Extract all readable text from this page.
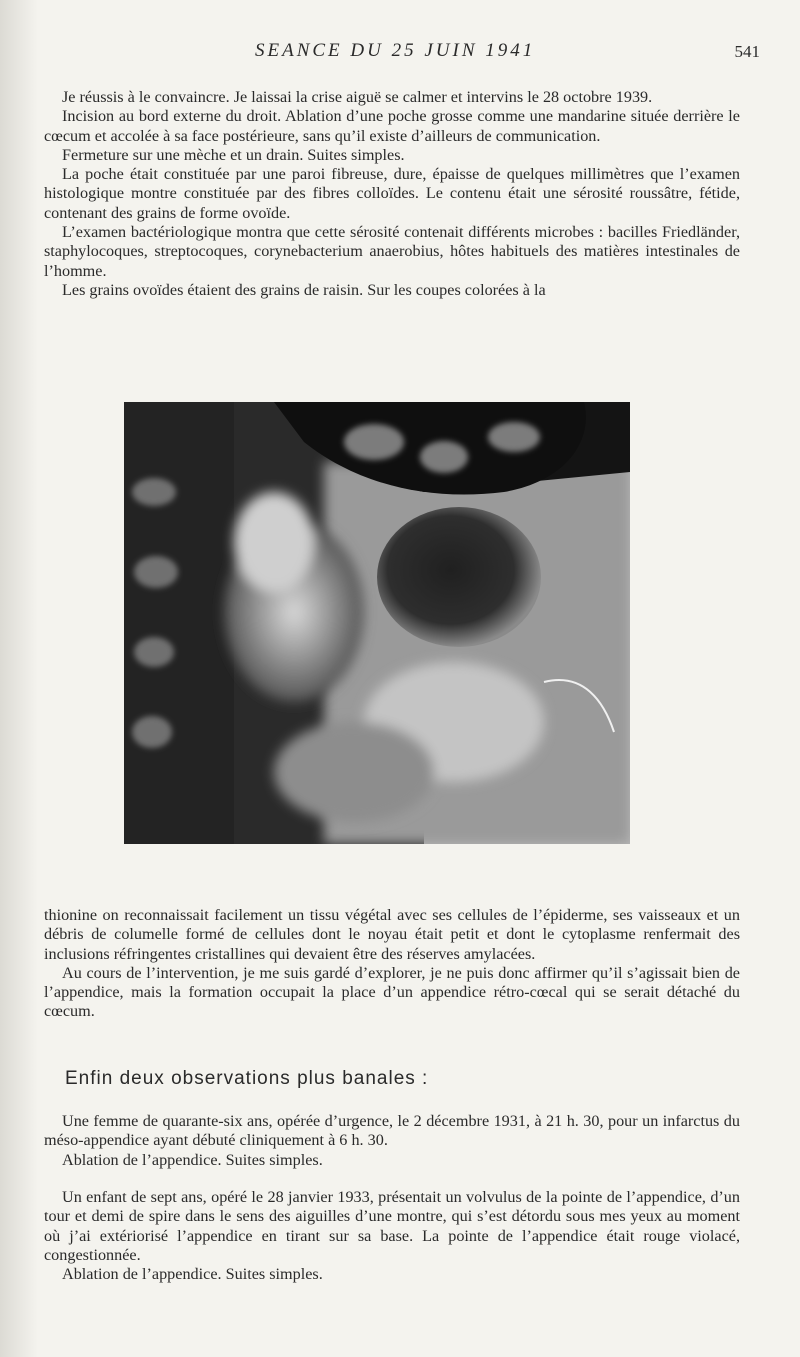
SEANCE DU 25 JUIN 1941	541

Je réussis à le convaincre. Je laissai la crise aiguë se calmer et intervins le 28 octobre 1939.

Incision au bord externe du droit. Ablation d’une poche grosse comme une mandarine située derrière le cœcum et accolée à sa face postérieure, sans qu’il existe d’ailleurs de communication.

Fermeture sur une mèche et un drain. Suites simples.

La poche était constituée par une paroi fibreuse, dure, épaisse de quelques millimètres que l’examen histologique montre constituée par des fibres colloïdes. Le contenu était une sérosité roussâtre, fétide, contenant des grains de forme ovoïde.

L’examen bactériologique montra que cette sérosité contenait différents microbes : bacilles Friedländer, staphylocoques, streptocoques, corynebacterium anaerobius, hôtes habituels des matières intestinales de l’homme.

Les grains ovoïdes étaient des grains de raisin. Sur les coupes colorées à la

thionine on reconnaissait facilement un tissu végétal avec ses cellules de l’épiderme, ses vaisseaux et un débris de columelle formé de cellules dont le noyau était petit et dont le cytoplasme renfermait des inclusions réfringentes cristallines qui devaient être des réserves amylacées.

Au cours de l’intervention, je me suis gardé d’explorer, je ne puis donc affirmer qu’il s’agissait bien de l’appendice, mais la formation occupait la place d’un appendice rétro-cœcal qui se serait détaché du cœcum.

Enfin deux observations plus banales :

Une femme de quarante-six ans, opérée d’urgence, le 2 décembre 1931, à 21 h. 30, pour un infarctus du méso-appendice ayant débuté cliniquement à 6 h. 30.

Ablation de l’appendice. Suites simples.

Un enfant de sept ans, opéré le 28 janvier 1933, présentait un volvulus de la pointe de l’appendice, d’un tour et demi de spire dans le sens des aiguilles d’une montre, qui s’est détordu sous mes yeux au moment où j’ai extériorisé l’appendice en tirant sur sa base. La pointe de l’appendice était rouge violacé, congestionnée.

Ablation de l’appendice. Suites simples.
